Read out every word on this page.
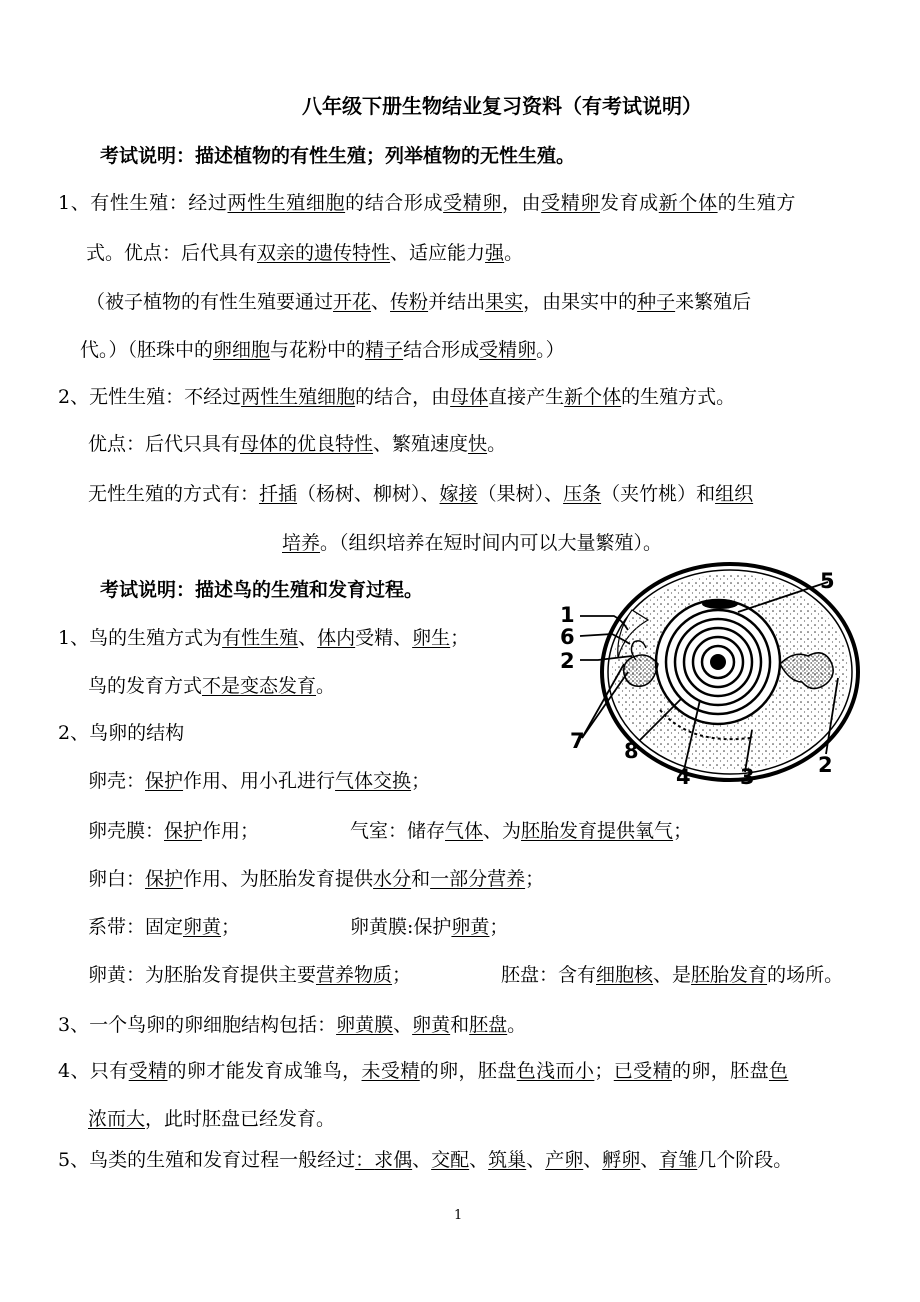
八年级下册生物结业复习资料（有考试说明）
考试说明：描述植物的有性生殖；列举植物的无性生殖。
1、有性生殖：经过两性生殖细胞的结合形成受精卵，由受精卵发育成新个体的生殖方
式。优点：后代具有双亲的遗传特性、适应能力强。
（被子植物的有性生殖要通过开花、传粉并结出果实，由果实中的种子来繁殖后
代。）（胚珠中的卵细胞与花粉中的精子结合形成受精卵。）
2、无性生殖：不经过两性生殖细胞的结合，由母体直接产生新个体的生殖方式。
优点：后代只具有母体的优良特性、繁殖速度快。
无性生殖的方式有：扦插（杨树、柳树）、嫁接（果树）、压条（夹竹桃）和组织
培养。（组织培养在短时间内可以大量繁殖）。
考试说明：描述鸟的生殖和发育过程。
1、鸟的生殖方式为有性生殖、体内受精、卵生；
鸟的发育方式不是变态发育。
2、鸟卵的结构
卵壳：保护作用、用小孔进行气体交换；
卵壳膜：保护作用；	气室：储存气体、为胚胎发育提供氧气；
卵白：保护作用、为胚胎发育提供水分和一部分营养；
系带：固定卵黄；	卵黄膜:保护卵黄；
卵黄：为胚胎发育提供主要营养物质；	胚盘：含有细胞核、是胚胎发育的场所。
3、一个鸟卵的卵细胞结构包括：卵黄膜、卵黄和胚盘。
4、只有受精的卵才能发育成雏鸟，未受精的卵，胚盘色浅而小；已受精的卵，胚盘色
浓而大，此时胚盘已经发育。
5、鸟类的生殖和发育过程一般经过：求偶、交配、筑巢、产卵、孵卵、育雏几个阶段。
5
1
6
2
7 8
4 3	2
1
